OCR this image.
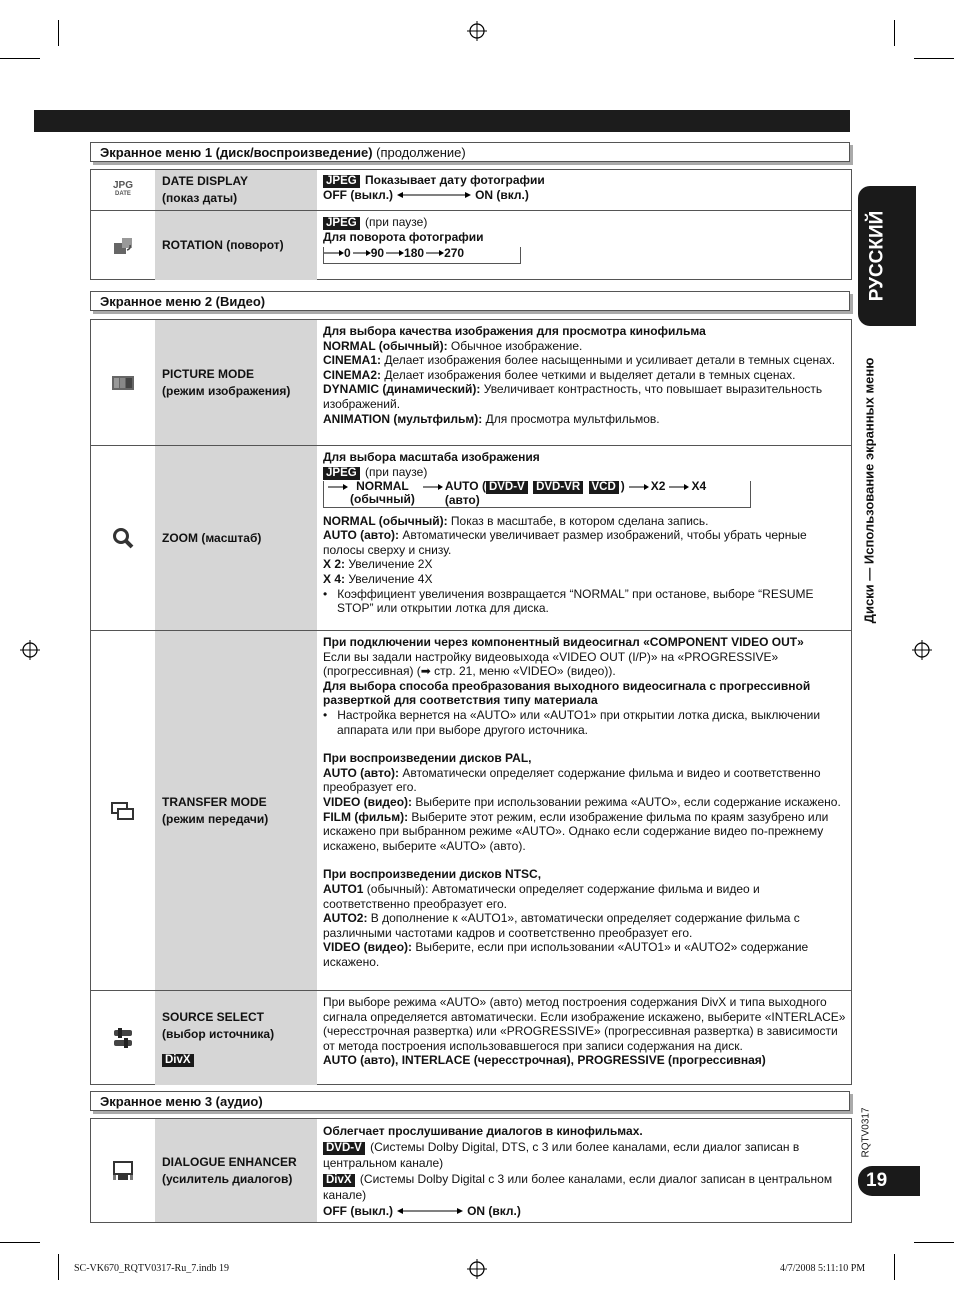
РУССКИЙ
Диски — Использование экранных меню
RQTV0317
19
Экранное меню 1 (диск/воспроизведение) (продолжение)
JPG
DATE
DATE DISPLAY
(показ даты)
JPEG Показывает дату фотографии
OFF (выкл.)	ON (вкл.)
ROTATION
(поворот)
JPEG (при паузе)
Для поворота фотографии
0 90 180 270
Экранное меню 2 (Видео)
PICTURE MODE
(режим изображения)
Для выбора качества изображения для просмотра кинофильма
NORMAL (обычный): Обычное изображение.
CINEMA1: Делает изображения более насыщенными и усиливает детали в темных сценах.
CINEMA2: Делает изображения более четкими и выделяет детали в темных сценах.
DYNAMIC (динамический): Увеличивает контрастность, что повышает выразительность изображений.
ANIMATION (мультфильм): Для просмотра мультфильмов.
ZOOM
(масштаб)
Для выбора масштаба изображения
JPEG (при паузе)
NORMAL
(обычный)
AUTO ( DVD-V DVD-VR VCD )
(авто)
X2 X4
NORMAL (обычный): Показ в масштабе, в котором сделана запись.
AUTO (авто): Автоматически увеличивает размер изображений, чтобы убрать черные полосы сверху и снизу.
X 2: Увеличение 2X
X 4: Увеличение 4X
•   Коэффициент увеличения возвращается “NORMAL” при останове, выборе “RESUME STOP” или открытии лотка для диска.
TRANSFER MODE
(режим передачи)
При подключении через компонентный видеосигнал «COMPONENT VIDEO OUT»
Если вы задали настройку видеовыхода «VIDEO OUT (I/P)» на «PROGRESSIVE» (прогрессивная) (➡ стр. 21, меню «VIDEO» (видео)).
Для выбора способа преобразования выходного видеосигнала с прогрессивной разверткой для соответствия типу материала
•   Настройка вернется на «AUTO» или «AUTO1» при открытии лотка диска, выключении аппарата или при выборе другого источника.
При воспроизведении дисков PAL,
AUTO (авто): Автоматически определяет содержание фильма и видео и соответственно преобразует его.
VIDEO (видео): Выберите при использовании режима «AUTO», если содержание искажено.
FILM (фильм): Выберите этот режим, если изображение фильма по краям зазубрено или искажено при выбранном режиме «AUTO». Однако если содержание видео по-прежнему искажено, выберите «AUTO» (авто).
При воспроизведении дисков NTSC,
AUTO1 (обычный): Автоматически определяет содержание фильма и видео и соответственно преобразует его.
AUTO2: В дополнение к «AUTO1», автоматически определяет содержание фильма с различными частотами кадров и соответственно преобразует его.
VIDEO (видео): Выберите, если при использовании «AUTO1» и «AUTO2» содержание искажено.
SOURCE SELECT
(выбор источника)
DivX
При выборе режима «AUTO» (авто) метод построения содержания DivX и типа выходного сигнала определяется автоматически. Если изображение искажено, выберите «INTERLACE» (чересстрочная развертка) или «PROGRESSIVE» (прогрессивная развертка) в зависимости от метода построения использовавшегося при записи содержания на диск.
AUTO (авто), INTERLACE (чересстрочная), PROGRESSIVE (прогрессивная)
Экранное меню 3 (аудио)
DIALOGUE ENHANCER
(усилитель диалогов)
Облегчает прослушивание диалогов в кинофильмах.
DVD-V (Системы Dolby Digital, DTS, с 3 или более каналами, если диалог записан в центральном канале)
DivX (Системы Dolby Digital с 3 или более каналами, если диалог записан в центральном канале)
OFF (выкл.)	ON (вкл.)
SC-VK670_RQTV0317-Ru_7.indb 19	4/7/2008 5:11:10 PM
